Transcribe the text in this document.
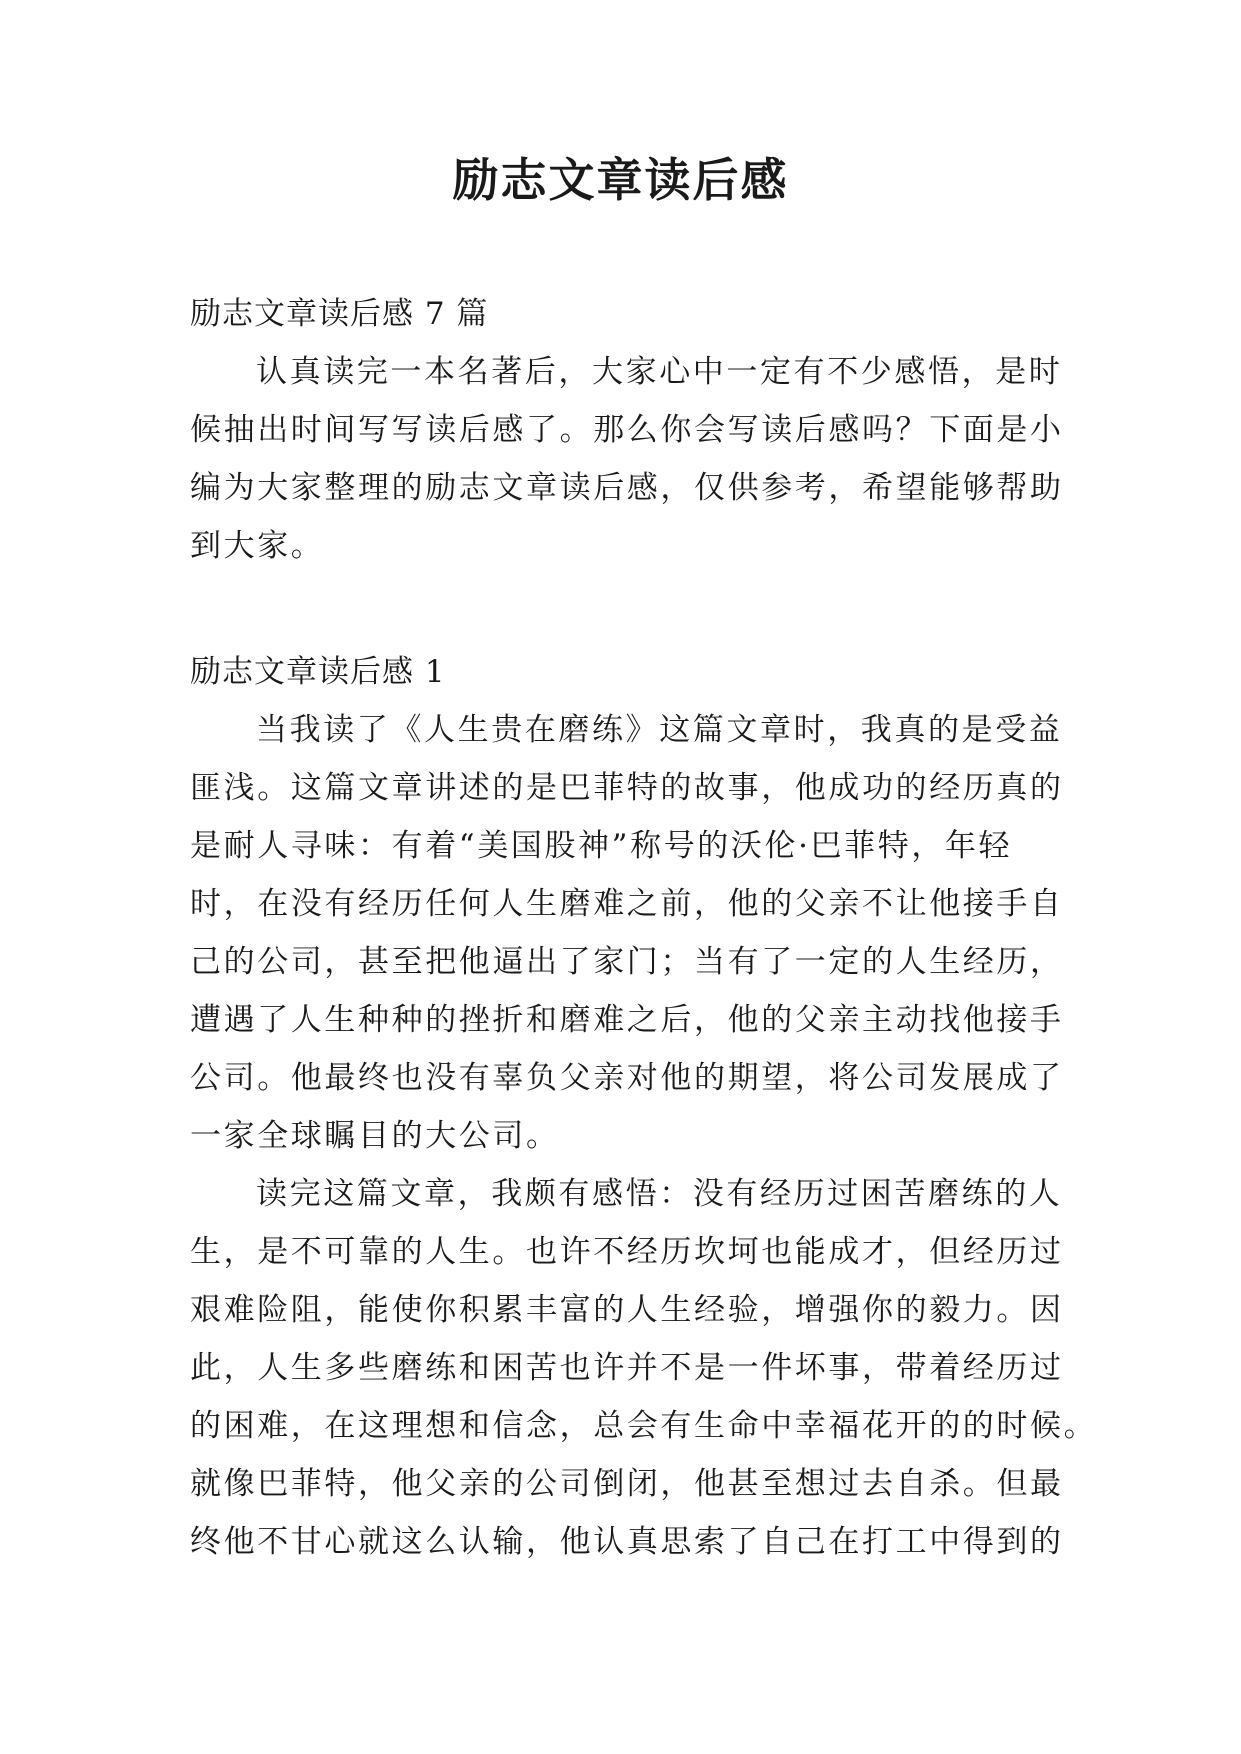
励志文章读后感

励志文章读后感 7 篇

认真读完一本名著后，大家心中一定有不少感悟，是时

候抽出时间写写读后感了。那么你会写读后感吗？下面是小

编为大家整理的励志文章读后感，仅供参考，希望能够帮助

到大家。

励志文章读后感 1

当我读了《人生贵在磨练》这篇文章时，我真的是受益

匪浅。这篇文章讲述的是巴菲特的故事，他成功的经历真的

是耐人寻味：有着“美国股神”称号的沃伦·巴菲特，年轻

时，在没有经历任何人生磨难之前，他的父亲不让他接手自

己的公司，甚至把他逼出了家门；当有了一定的人生经历，

遭遇了人生种种的挫折和磨难之后，他的父亲主动找他接手

公司。他最终也没有辜负父亲对他的期望，将公司发展成了

一家全球瞩目的大公司。

读完这篇文章，我颇有感悟：没有经历过困苦磨练的人

生，是不可靠的人生。也许不经历坎坷也能成才，但经历过

艰难险阻，能使你积累丰富的人生经验，增强你的毅力。因

此，人生多些磨练和困苦也许并不是一件坏事，带着经历过

的困难，在这理想和信念，总会有生命中幸福花开的的时候。

就像巴菲特，他父亲的公司倒闭，他甚至想过去自杀。但最

终他不甘心就这么认输，他认真思索了自己在打工中得到的
